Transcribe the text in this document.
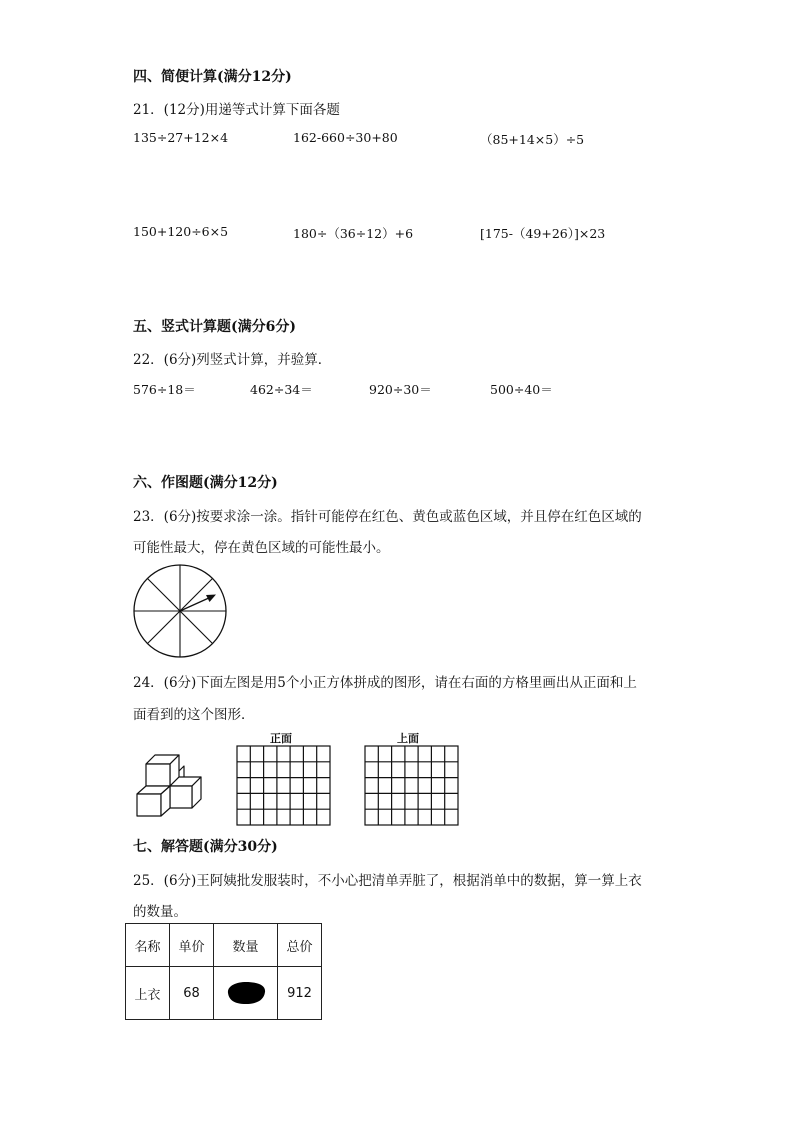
四、简便计算(满分12分)
21．(12分)用递等式计算下面各题
135÷27+12×4	162-660÷30+80	（85+14×5）÷5
150+120÷6×5	180÷（36÷12）+6	[175-（49+26）]×23
五、竖式计算题(满分6分)
22．(6分)列竖式计算，并验算．
576÷18＝	462÷34＝	920÷30＝	500÷40＝
六、作图题(满分12分)
23．(6分)按要求涂一涂。指针可能停在红色、黄色或蓝色区域，并且停在红色区域的
可能性最大，停在黄色区域的可能性最小。
24．(6分)下面左图是用5个小正方体拼成的图形，请在右面的方格里画出从正面和上
面看到的这个图形．
正面	上面
七、解答题(满分30分)
25．(6分)王阿姨批发服装时，不小心把清单弄脏了，根据消单中的数据，算一算上衣
的数量。
名称	单价	数量	总价
上衣	68		912
